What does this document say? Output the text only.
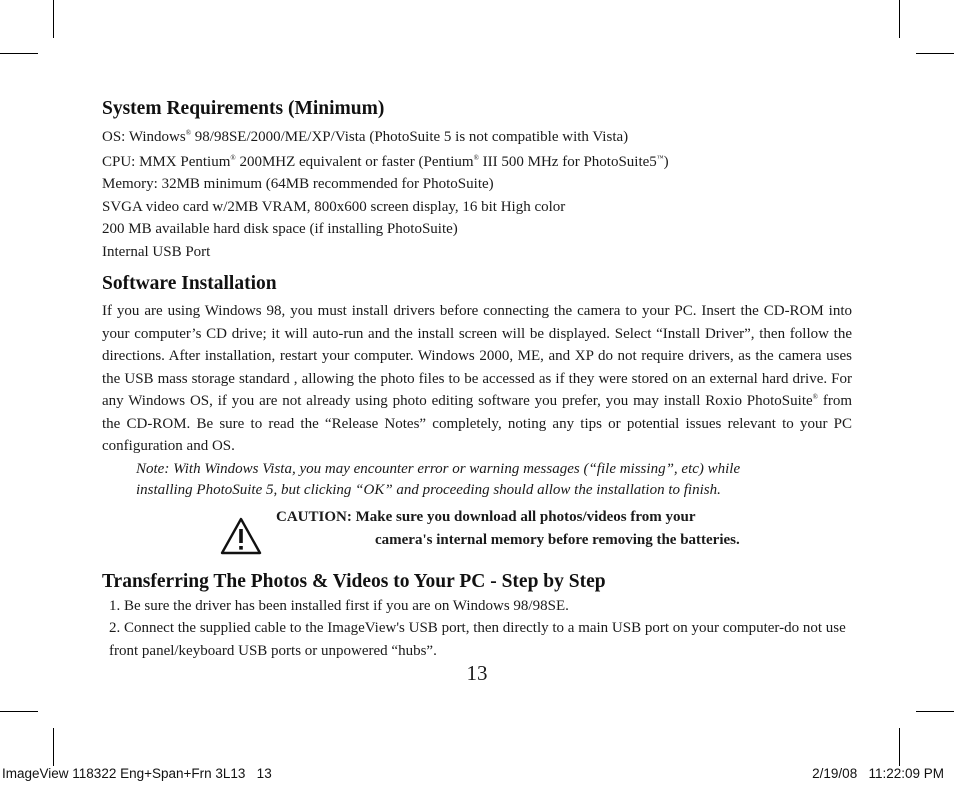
System Requirements (Minimum)
OS: Windows® 98/98SE/2000/ME/XP/Vista (PhotoSuite 5 is not compatible with Vista)
CPU: MMX Pentium® 200MHZ equivalent or faster (Pentium® III 500 MHz for PhotoSuite5™)
Memory: 32MB minimum (64MB recommended for PhotoSuite)
SVGA video card w/2MB VRAM, 800x600 screen display, 16 bit High color
200 MB available hard disk space (if installing PhotoSuite)
Internal USB Port
Software Installation
If you are using Windows 98, you must install drivers before connecting the camera to your PC. Insert the CD-ROM into your computer’s CD drive; it will auto-run and the install screen will be displayed. Select “Install Driver”, then follow the directions. After installation, restart your computer. Windows 2000, ME, and XP do not require drivers, as the camera uses the USB mass storage standard , allowing the photo files to be accessed as if they were stored on an external hard drive. For any Windows OS, if you are not already using photo editing software you prefer, you may install Roxio PhotoSuite® from the CD-ROM. Be sure to read the “Release Notes” completely, noting any tips or potential issues relevant to your PC configuration and OS.
Note: With Windows Vista, you may encounter error or warning messages (“file missing”, etc) while
installing PhotoSuite 5, but clicking “OK” and proceeding should allow the installation to finish.
CAUTION: Make sure you download all photos/videos from your
camera's internal memory before removing the batteries.
Transferring The Photos & Videos to Your PC - Step by Step
1. Be sure the driver has been installed first if you are on Windows 98/98SE.
2. Connect the supplied cable to the ImageView's USB port, then directly to a main USB port on your computer-do not use front panel/keyboard USB ports or unpowered “hubs”.
13
ImageView 118322 Eng+Span+Frn 3L13   13	2/19/08   11:22:09 PM
